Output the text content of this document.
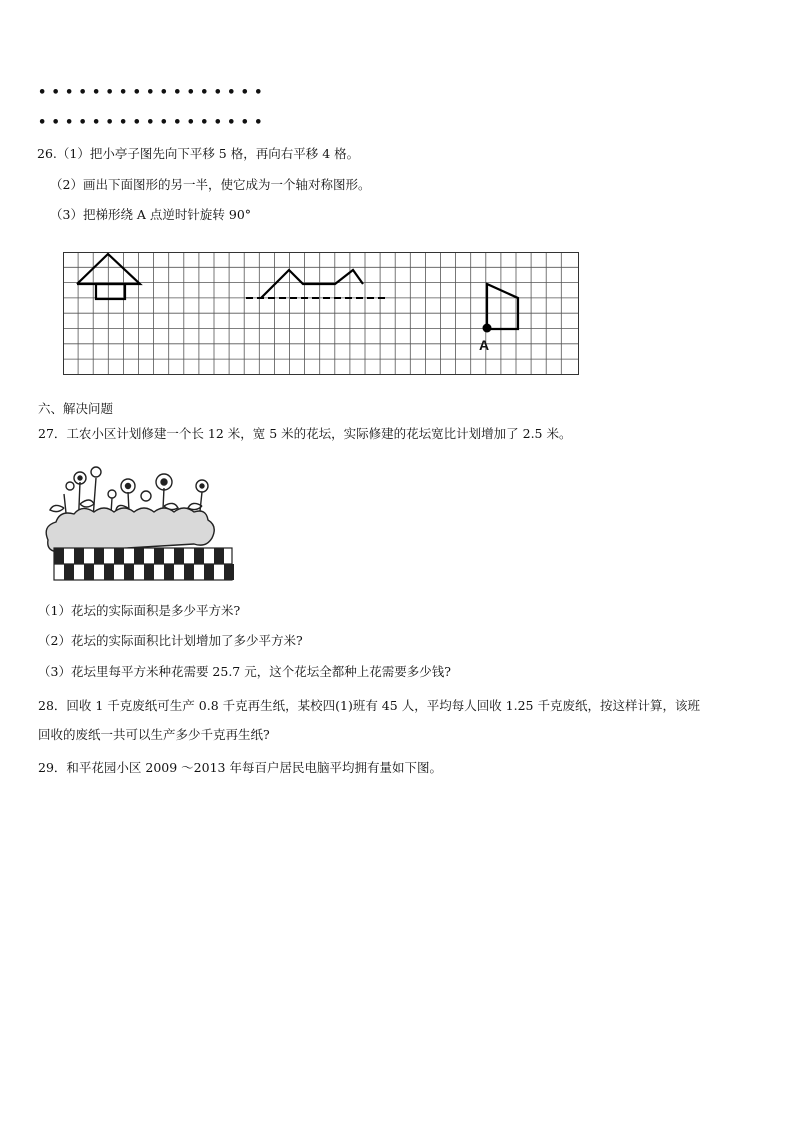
•••••••••••••••••
•••••••••••••••••
26.（1）把小亭子图先向下平移 5 格，再向右平移 4 格。
（2）画出下面图形的另一半，使它成为一个轴对称图形。
（3）把梯形绕 A 点逆时针旋转 90°
A
六、解决问题
27．工农小区计划修建一个长 12 米，宽 5 米的花坛，实际修建的花坛宽比计划增加了 2.5 米。
（1）花坛的实际面积是多少平方米?
（2）花坛的实际面积比计划增加了多少平方米?
（3）花坛里每平方米种花需要 25.7 元，这个花坛全都种上花需要多少钱?
28．回收 1 千克废纸可生产 0.8 千克再生纸，某校四(1)班有 45 人，平均每人回收 1.25 千克废纸，按这样计算，该班
回收的废纸一共可以生产多少千克再生纸?
29．和平花园小区 2009 ～2013 年每百户居民电脑平均拥有量如下图。
